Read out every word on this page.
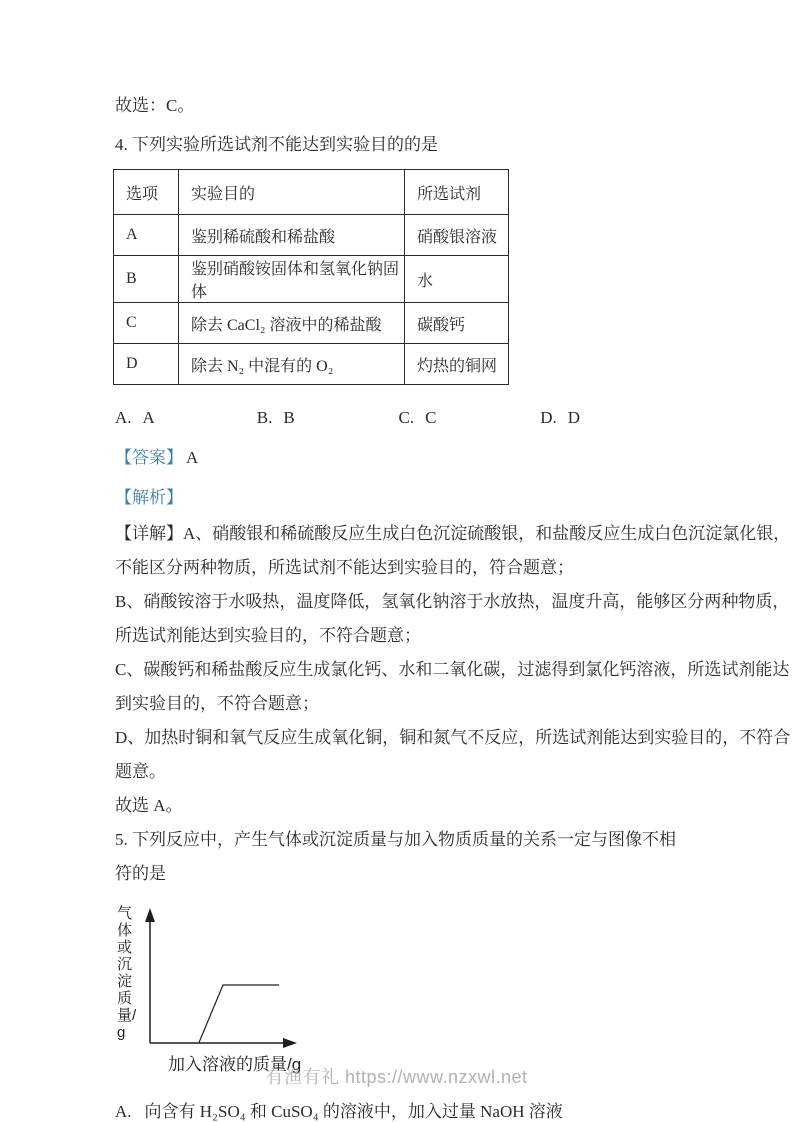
故选：C。
4. 下列实验所选试剂不能达到实验目的的是
选项	实验目的	所选试剂
A	鉴别稀硫酸和稀盐酸	硝酸银溶液
B	鉴别硝酸铵固体和氢氧化钠固体	水
C	除去 CaCl₂ 溶液中的稀盐酸	碳酸钙
D	除去 N₂ 中混有的 O₂	灼热的铜网
A. A	B. B	C. C	D. D
【答案】 A
【解析】
【详解】A、硝酸银和稀硫酸反应生成白色沉淀硫酸银，和盐酸反应生成白色沉淀氯化银，
不能区分两种物质，所选试剂不能达到实验目的，符合题意；
B、硝酸铵溶于水吸热，温度降低，氢氧化钠溶于水放热，温度升高，能够区分两种物质，
所选试剂能达到实验目的，不符合题意；
C、碳酸钙和稀盐酸反应生成氯化钙、水和二氧化碳，过滤得到氯化钙溶液，所选试剂能达
到实验目的，不符合题意；
D、加热时铜和氧气反应生成氧化铜，铜和氮气不反应，所选试剂能达到实验目的，不符合
题意。
故选 A。
5. 下列反应中，产生气体或沉淀质量与加入物质质量的关系一定与图像不相符的是
气体或沉淀质量/g
加入溶液的质量/g
A. 向含有 H₂SO₄ 和 CuSO₄ 的溶液中，加入过量 NaOH 溶液
有渔有礼 https://www.nzxwl.net
